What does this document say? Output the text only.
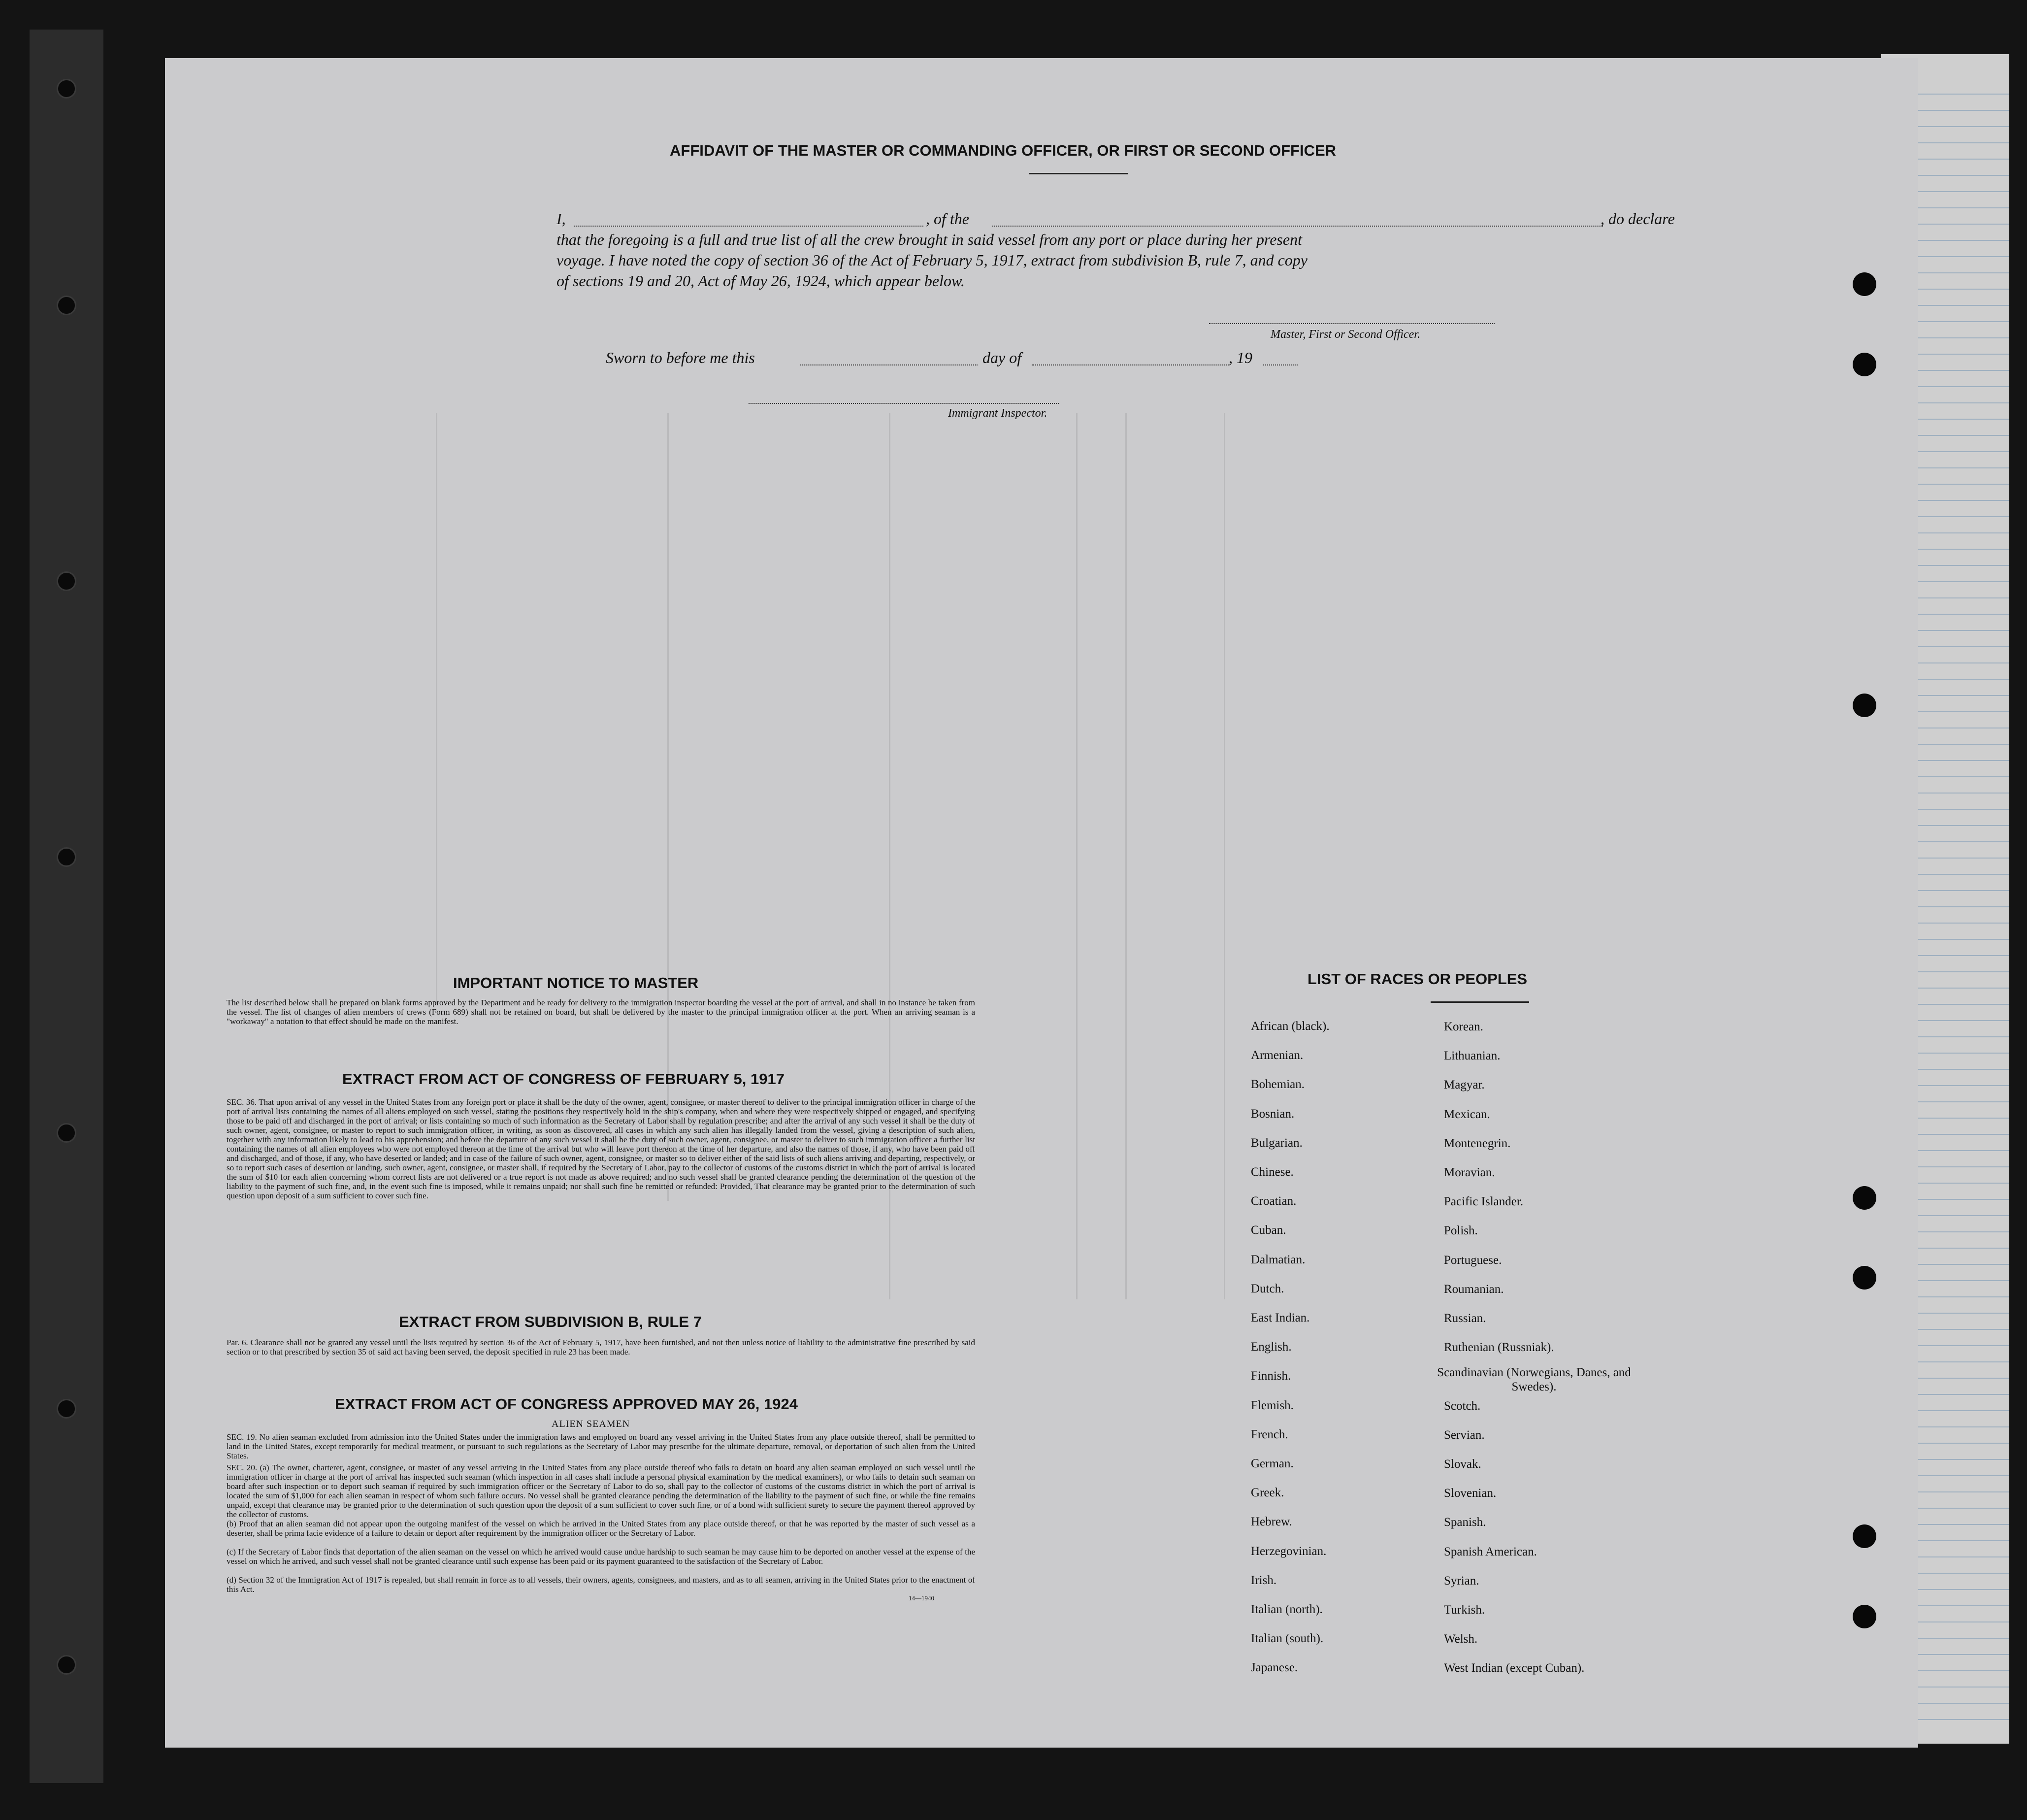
AFFIDAVIT OF THE MASTER OR COMMANDING OFFICER, OR FIRST OR SECOND OFFICER
I,	, of the	, do declare
that the foregoing is a full and true list of all the crew brought in said vessel from any port or place during her present
voyage. I have noted the copy of section 36 of the Act of February 5, 1917, extract from subdivision B, rule 7, and copy
of sections 19 and 20, Act of May 26, 1924, which appear below.
Master, First or Second Officer.
Sworn to before me this	day of	, 19
Immigrant Inspector.
IMPORTANT NOTICE TO MASTER
The list described below shall be prepared on blank forms approved by the Department and be ready for delivery to the immigration inspector boarding the vessel at the port of arrival, and shall in no instance be taken from the vessel. The list of changes of alien members of crews (Form 689) shall not be retained on board, but shall be delivered by the master to the principal immigration officer at the port. When an arriving seaman is a "workaway" a notation to that effect should be made on the manifest.
EXTRACT FROM ACT OF CONGRESS OF FEBRUARY 5, 1917
SEC. 36. That upon arrival of any vessel in the United States from any foreign port or place it shall be the duty of the owner, agent, consignee, or master thereof to deliver to the principal immigration officer in charge of the port of arrival lists containing the names of all aliens employed on such vessel, stating the positions they respectively hold in the ship's company, when and where they were respectively shipped or engaged, and specifying those to be paid off and discharged in the port of arrival; or lists containing so much of such information as the Secretary of Labor shall by regulation prescribe; and after the arrival of any such vessel it shall be the duty of such owner, agent, consignee, or master to report to such immigration officer, in writing, as soon as discovered, all cases in which any such alien has illegally landed from the vessel, giving a description of such alien, together with any information likely to lead to his apprehension; and before the departure of any such vessel it shall be the duty of such owner, agent, consignee, or master to deliver to such immigration officer a further list containing the names of all alien employees who were not employed thereon at the time of the arrival but who will leave port thereon at the time of her departure, and also the names of those, if any, who have been paid off and discharged, and of those, if any, who have deserted or landed; and in case of the failure of such owner, agent, consignee, or master so to deliver either of the said lists of such aliens arriving and departing, respectively, or so to report such cases of desertion or landing, such owner, agent, consignee, or master shall, if required by the Secretary of Labor, pay to the collector of customs of the customs district in which the port of arrival is located the sum of $10 for each alien concerning whom correct lists are not delivered or a true report is not made as above required; and no such vessel shall be granted clearance pending the determination of the question of the liability to the payment of such fine, and, in the event such fine is imposed, while it remains unpaid; nor shall such fine be remitted or refunded: Provided, That clearance may be granted prior to the determination of such question upon deposit of a sum sufficient to cover such fine.
EXTRACT FROM SUBDIVISION B, RULE 7
Par. 6. Clearance shall not be granted any vessel until the lists required by section 36 of the Act of February 5, 1917, have been furnished, and not then unless notice of liability to the administrative fine prescribed by said section or to that prescribed by section 35 of said act having been served, the deposit specified in rule 23 has been made.
EXTRACT FROM ACT OF CONGRESS APPROVED MAY 26, 1924
ALIEN SEAMEN
SEC. 19. No alien seaman excluded from admission into the United States under the immigration laws and employed on board any vessel arriving in the United States from any place outside thereof, shall be permitted to land in the United States, except temporarily for medical treatment, or pursuant to such regulations as the Secretary of Labor may prescribe for the ultimate departure, removal, or deportation of such alien from the United States.
SEC. 20. (a) The owner, charterer, agent, consignee, or master of any vessel arriving in the United States from any place outside thereof who fails to detain on board any alien seaman employed on such vessel until the immigration officer in charge at the port of arrival has inspected such seaman (which inspection in all cases shall include a personal physical examination by the medical examiners), or who fails to detain such seaman on board after such inspection or to deport such seaman if required by such immigration officer or the Secretary of Labor to do so, shall pay to the collector of customs of the customs district in which the port of arrival is located the sum of $1,000 for each alien seaman in respect of whom such failure occurs. No vessel shall be granted clearance pending the determination of the liability to the payment of such fine, or while the fine remains unpaid, except that clearance may be granted prior to the determination of such question upon the deposit of a sum sufficient to cover such fine, or of a bond with sufficient surety to secure the payment thereof approved by the collector of customs.
(b) Proof that an alien seaman did not appear upon the outgoing manifest of the vessel on which he arrived in the United States from any place outside thereof, or that he was reported by the master of such vessel as a deserter, shall be prima facie evidence of a failure to detain or deport after requirement by the immigration officer or the Secretary of Labor.
(c) If the Secretary of Labor finds that deportation of the alien seaman on the vessel on which he arrived would cause undue hardship to such seaman he may cause him to be deported on another vessel at the expense of the vessel on which he arrived, and such vessel shall not be granted clearance until such expense has been paid or its payment guaranteed to the satisfaction of the Secretary of Labor.
(d) Section 32 of the Immigration Act of 1917 is repealed, but shall remain in force as to all vessels, their owners, agents, consignees, and masters, and as to all seamen, arriving in the United States prior to the enactment of this Act.
14—1940
LIST OF RACES OR PEOPLES
African (black).
Armenian.
Bohemian.
Bosnian.
Bulgarian.
Chinese.
Croatian.
Cuban.
Dalmatian.
Dutch.
East Indian.
English.
Finnish.
Flemish.
French.
German.
Greek.
Hebrew.
Herzegovinian.
Irish.
Italian (north).
Italian (south).
Japanese.
Korean.
Lithuanian.
Magyar.
Mexican.
Montenegrin.
Moravian.
Pacific Islander.
Polish.
Portuguese.
Roumanian.
Russian.
Ruthenian (Russniak).
Scandinavian (Norwegians, Danes, and Swedes).
Scotch.
Servian.
Slovak.
Slovenian.
Spanish.
Spanish American.
Syrian.
Turkish.
Welsh.
West Indian (except Cuban).
